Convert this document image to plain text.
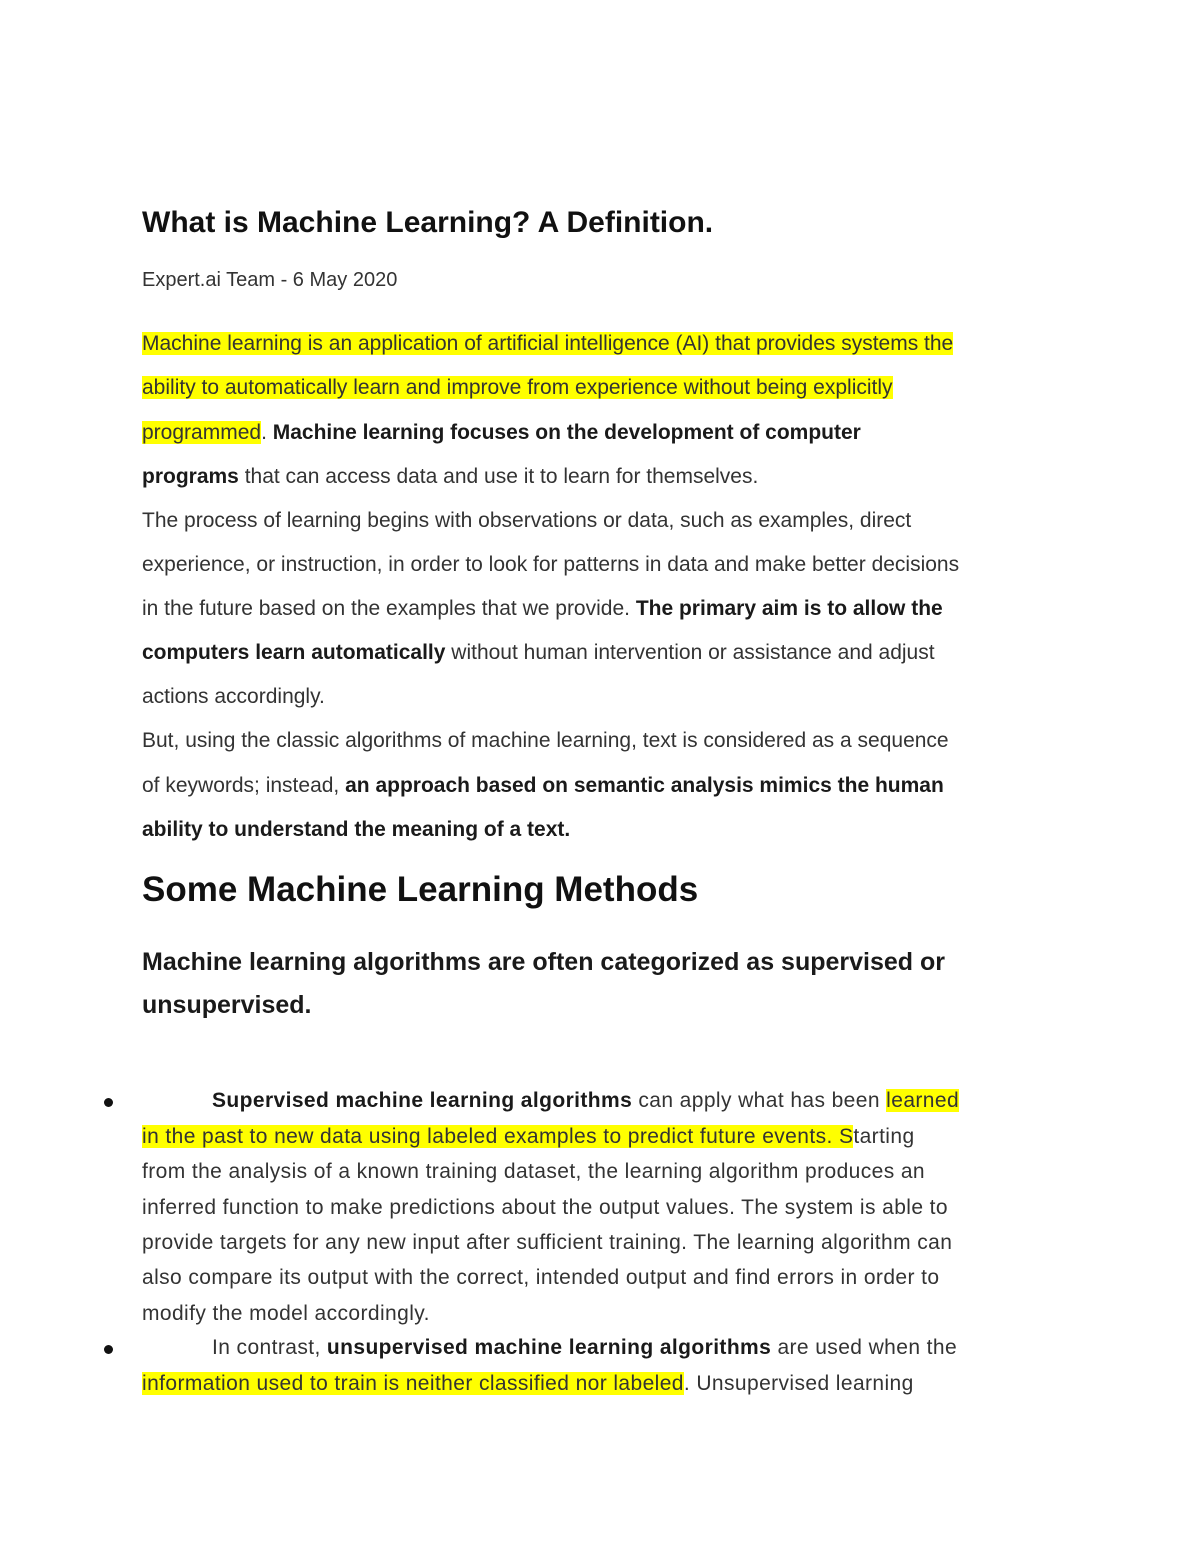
What is Machine Learning? A Definition.
Expert.ai Team - 6 May 2020
Machine learning is an application of artificial intelligence (AI) that provides systems the
ability to automatically learn and improve from experience without being explicitly
programmed. Machine learning focuses on the development of computer
programs that can access data and use it to learn for themselves.
The process of learning begins with observations or data, such as examples, direct
experience, or instruction, in order to look for patterns in data and make better decisions
in the future based on the examples that we provide. The primary aim is to allow the
computers learn automatically without human intervention or assistance and adjust
actions accordingly.
But, using the classic algorithms of machine learning, text is considered as a sequence
of keywords; instead, an approach based on semantic analysis mimics the human
ability to understand the meaning of a text.
Some Machine Learning Methods
Machine learning algorithms are often categorized as supervised or
unsupervised.
Supervised machine learning algorithms can apply what has been learned
in the past to new data using labeled examples to predict future events. Starting
from the analysis of a known training dataset, the learning algorithm produces an
inferred function to make predictions about the output values. The system is able to
provide targets for any new input after sufficient training. The learning algorithm can
also compare its output with the correct, intended output and find errors in order to
modify the model accordingly.
In contrast, unsupervised machine learning algorithms are used when the
information used to train is neither classified nor labeled. Unsupervised learning
